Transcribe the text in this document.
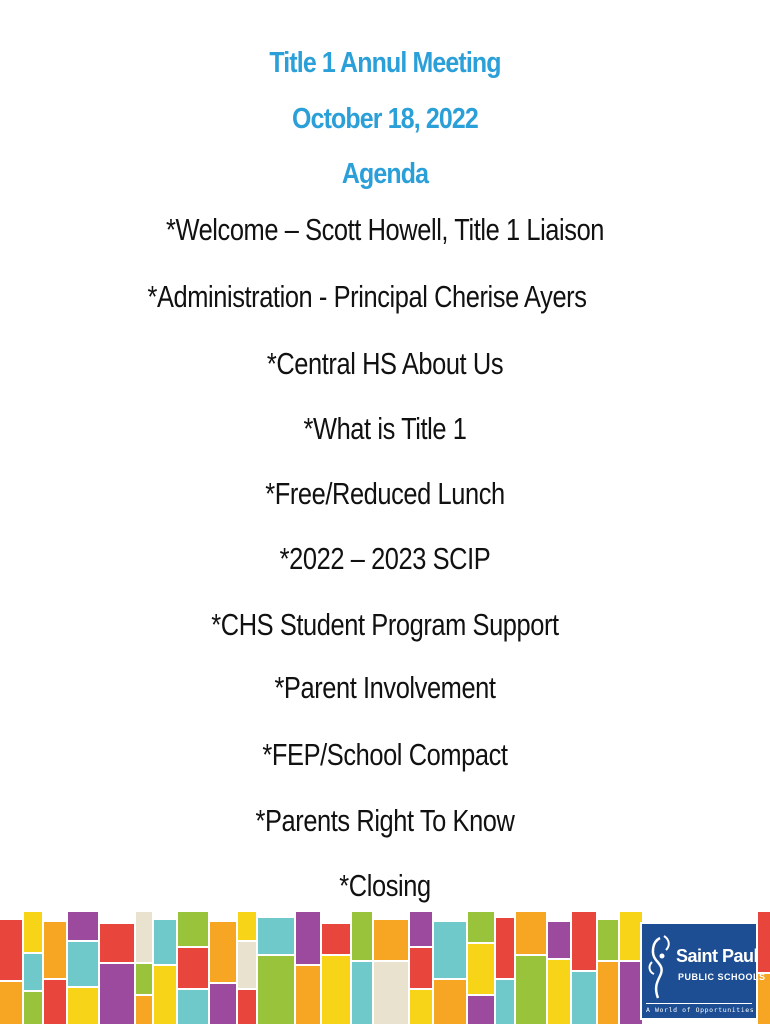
Title 1 Annul Meeting
October 18, 2022
Agenda
*Welcome – Scott Howell, Title 1 Liaison
*Administration - Principal Cherise Ayers
*Central HS About Us
*What is Title 1
*Free/Reduced Lunch
*2022 – 2023 SCIP
*CHS Student Program Support
*Parent Involvement
*FEP/School Compact
*Parents Right To Know
*Closing
Saint Paul
PUBLIC SCHOOLS
A World of Opportunities
